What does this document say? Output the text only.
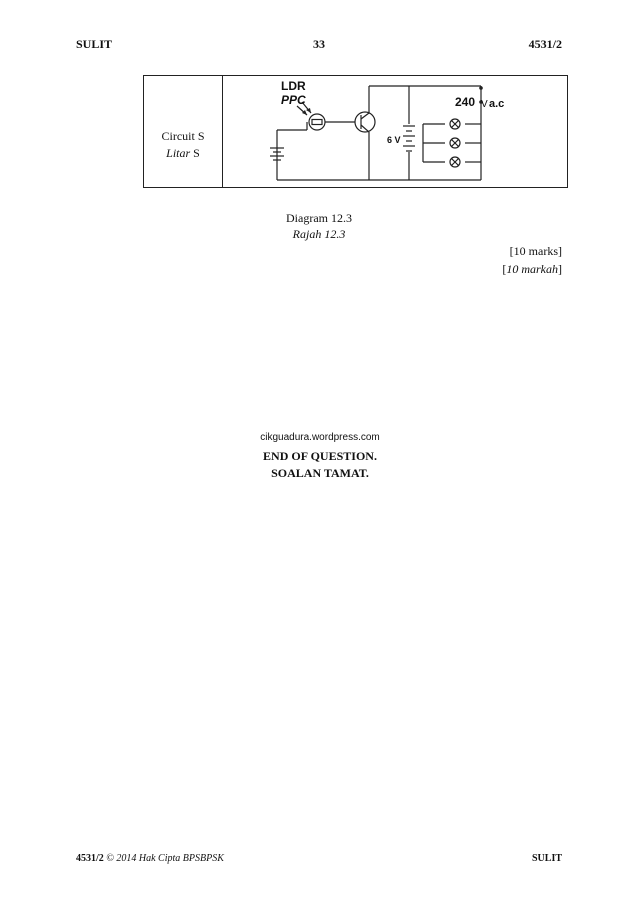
SULIT	33	4531/2
Circuit S
Litar S
LDR
PPC
6 V
240 V a.c
Diagram 12.3
Rajah 12.3
[10 marks]
[10 markah]
cikguadura.wordpress.com
END OF QUESTION.
SOALAN TAMAT.
4531/2 © 2014 Hak Cipta BPSBPSK	SULIT
